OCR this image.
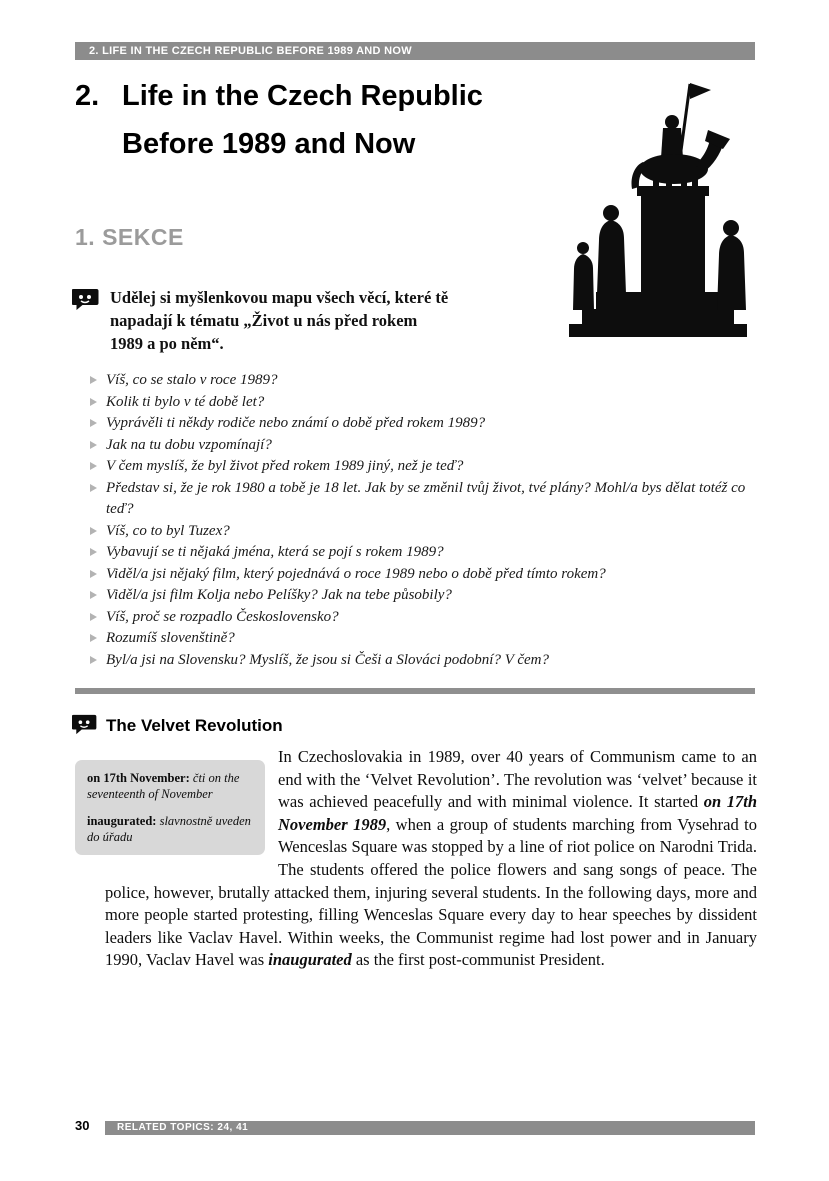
2. LIFE IN THE CZECH REPUBLIC BEFORE 1989 AND NOW
2. Life in the Czech Republic
Before 1989 and Now
1. SEKCE
Udělej si myšlenkovou mapu všech věcí, které tě napadají k tématu „Život u nás před rokem 1989 a po něm“.
Víš, co se stalo v roce 1989?
Kolik ti bylo v té době let?
Vyprávěli ti někdy rodiče nebo známí o době před rokem 1989?
Jak na tu dobu vzpomínají?
V čem myslíš, že byl život před rokem 1989 jiný, než je teď?
Představ si, že je rok 1980 a tobě je 18 let. Jak by se změnil tvůj život, tvé plány? Mohl/a bys dělat totéž co teď?
Víš, co to byl Tuzex?
Vybavují se ti nějaká jména, která se pojí s rokem 1989?
Viděl/a jsi nějaký film, který pojednává o roce 1989 nebo o době před tímto rokem?
Viděl/a jsi film Kolja nebo Pelíšky? Jak na tebe působily?
Víš, proč se rozpadlo Československo?
Rozumíš slovenštině?
Byl/a jsi na Slovensku? Myslíš, že jsou si Češi a Slováci podobní? V čem?
The Velvet Revolution

on 17th November: čti on the seventeenth of November

inaugurated: slavnostně uveden do úřadu

In Czechoslovakia in 1989, over 40 years of Communism came to an end with the ‘Velvet Revolution’. The revolution was ‘velvet’ because it was achieved peacefully and with minimal violence. It started on 17th November 1989, when a group of students marching from Vysehrad to Wenceslas Square was stopped by a line of riot police on Narodni Trida. The students offered the police flowers and sang songs of peace. The police, however, brutally attacked them, injuring several students. In the following days, more and more people started protesting, filling Wenceslas Square every day to hear speeches by dissident leaders like Vaclav Havel. Within weeks, the Communist regime had lost power and in January 1990, Vaclav Havel was inaugurated as the first post-communist President.
30	RELATED TOPICS: 24, 41
